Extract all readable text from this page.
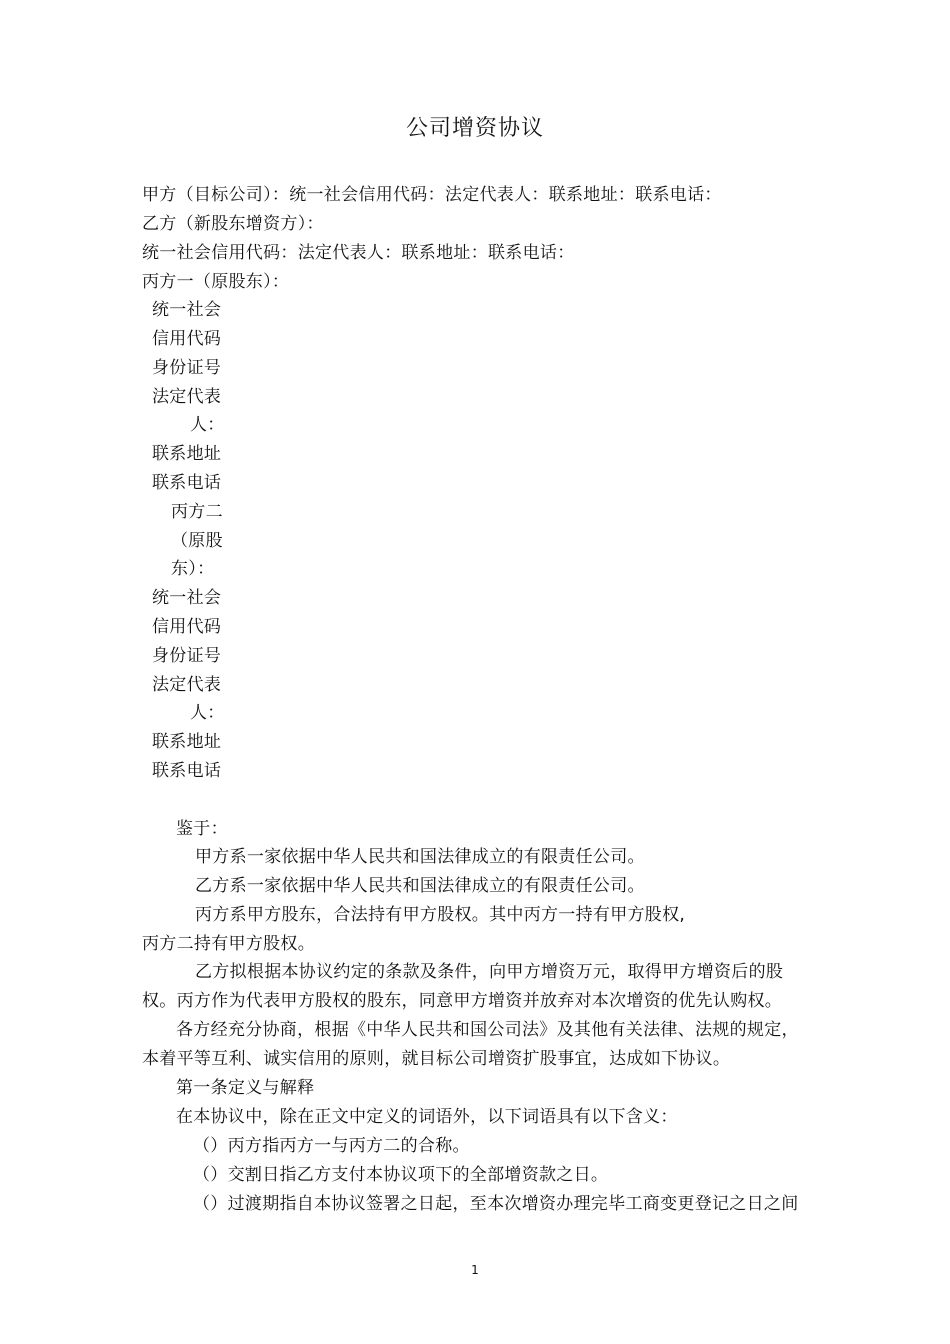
公司增资协议
甲方（目标公司）：统一社会信用代码：法定代表人：联系地址：联系电话：
乙方（新股东增资方）：
统一社会信用代码：法定代表人：联系地址：联系电话：
丙方一（原股东）：
统一社会
信用代码
身份证号
法定代表
人：
联系地址
联系电话
丙方二
（原股
东）：
统一社会
信用代码
身份证号
法定代表
人：
联系地址
联系电话
鉴于：
甲方系一家依据中华人民共和国法律成立的有限责任公司。
乙方系一家依据中华人民共和国法律成立的有限责任公司。
丙方系甲方股东，合法持有甲方股权。其中丙方一持有甲方股权,
丙方二持有甲方股权。
乙方拟根据本协议约定的条款及条件，向甲方增资万元，取得甲方增资后的股
权。丙方作为代表甲方股权的股东，同意甲方增资并放弃对本次增资的优先认购权。
各方经充分协商，根据《中华人民共和国公司法》及其他有关法律、法规的规定，
本着平等互利、诚实信用的原则，就目标公司增资扩股事宜，达成如下协议。
第一条定义与解释
在本协议中，除在正文中定义的词语外，以下词语具有以下含义：
（）丙方指丙方一与丙方二的合称。
（）交割日指乙方支付本协议项下的全部增资款之日。
（）过渡期指自本协议签署之日起，至本次增资办理完毕工商变更登记之日之间
1
